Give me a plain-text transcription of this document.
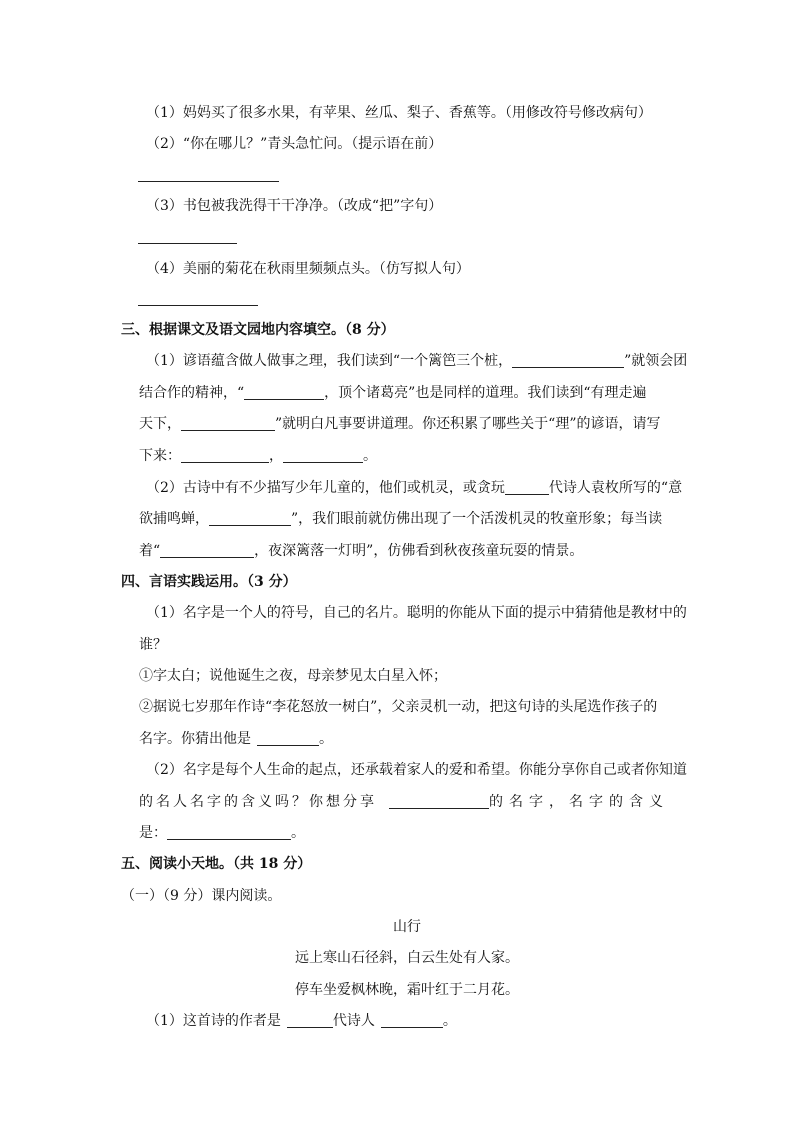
（1）妈妈买了很多水果，有苹果、丝瓜、梨子、香蕉等。（用修改符号修改病句）
（2）“你在哪儿？”青头急忙问。（提示语在前）
（3）书包被我洗得干干净净。（改成“把”字句）
（4）美丽的菊花在秋雨里频频点头。（仿写拟人句）
三、根据课文及语文园地内容填空。（8 分）
（1）谚语蕴含做人做事之理，我们读到“一个篱笆三个桩，	”就领会团
结合作的精神，“	，顶个诸葛亮”也是同样的道理。我们读到“有理走遍
天下，	”就明白凡事要讲道理。你还积累了哪些关于“理”的谚语，请写
下来：	，	。
（2）古诗中有不少描写少年儿童的，他们或机灵，或贪玩	代诗人袁枚所写的“意
欲捕鸣蝉，	”，我们眼前就仿佛出现了一个活泼机灵的牧童形象；每当读
着“	，夜深篱落一灯明”，仿佛看到秋夜孩童玩耍的情景。
四、言语实践运用。（3 分）
（1）名字是一个人的符号，自己的名片。聪明的你能从下面的提示中猜猜他是教材中的
谁？
①字太白；说他诞生之夜，母亲梦见太白星入怀；
②据说七岁那年作诗“李花怒放一树白”，父亲灵机一动，把这句诗的头尾选作孩子的
名字。你猜出他是	。
（2）名字是每个人生命的起点，还承载着家人的爱和希望。你能分享你自己或者你知道
的名人名字的含义吗？你想分享	的名字，名字的含义
是：	。
五、阅读小天地。（共 18 分）
（一）（9 分）课内阅读。
山行
远上寒山石径斜，白云生处有人家。
停车坐爱枫林晚，霜叶红于二月花。
（1）这首诗的作者是	代诗人	。
